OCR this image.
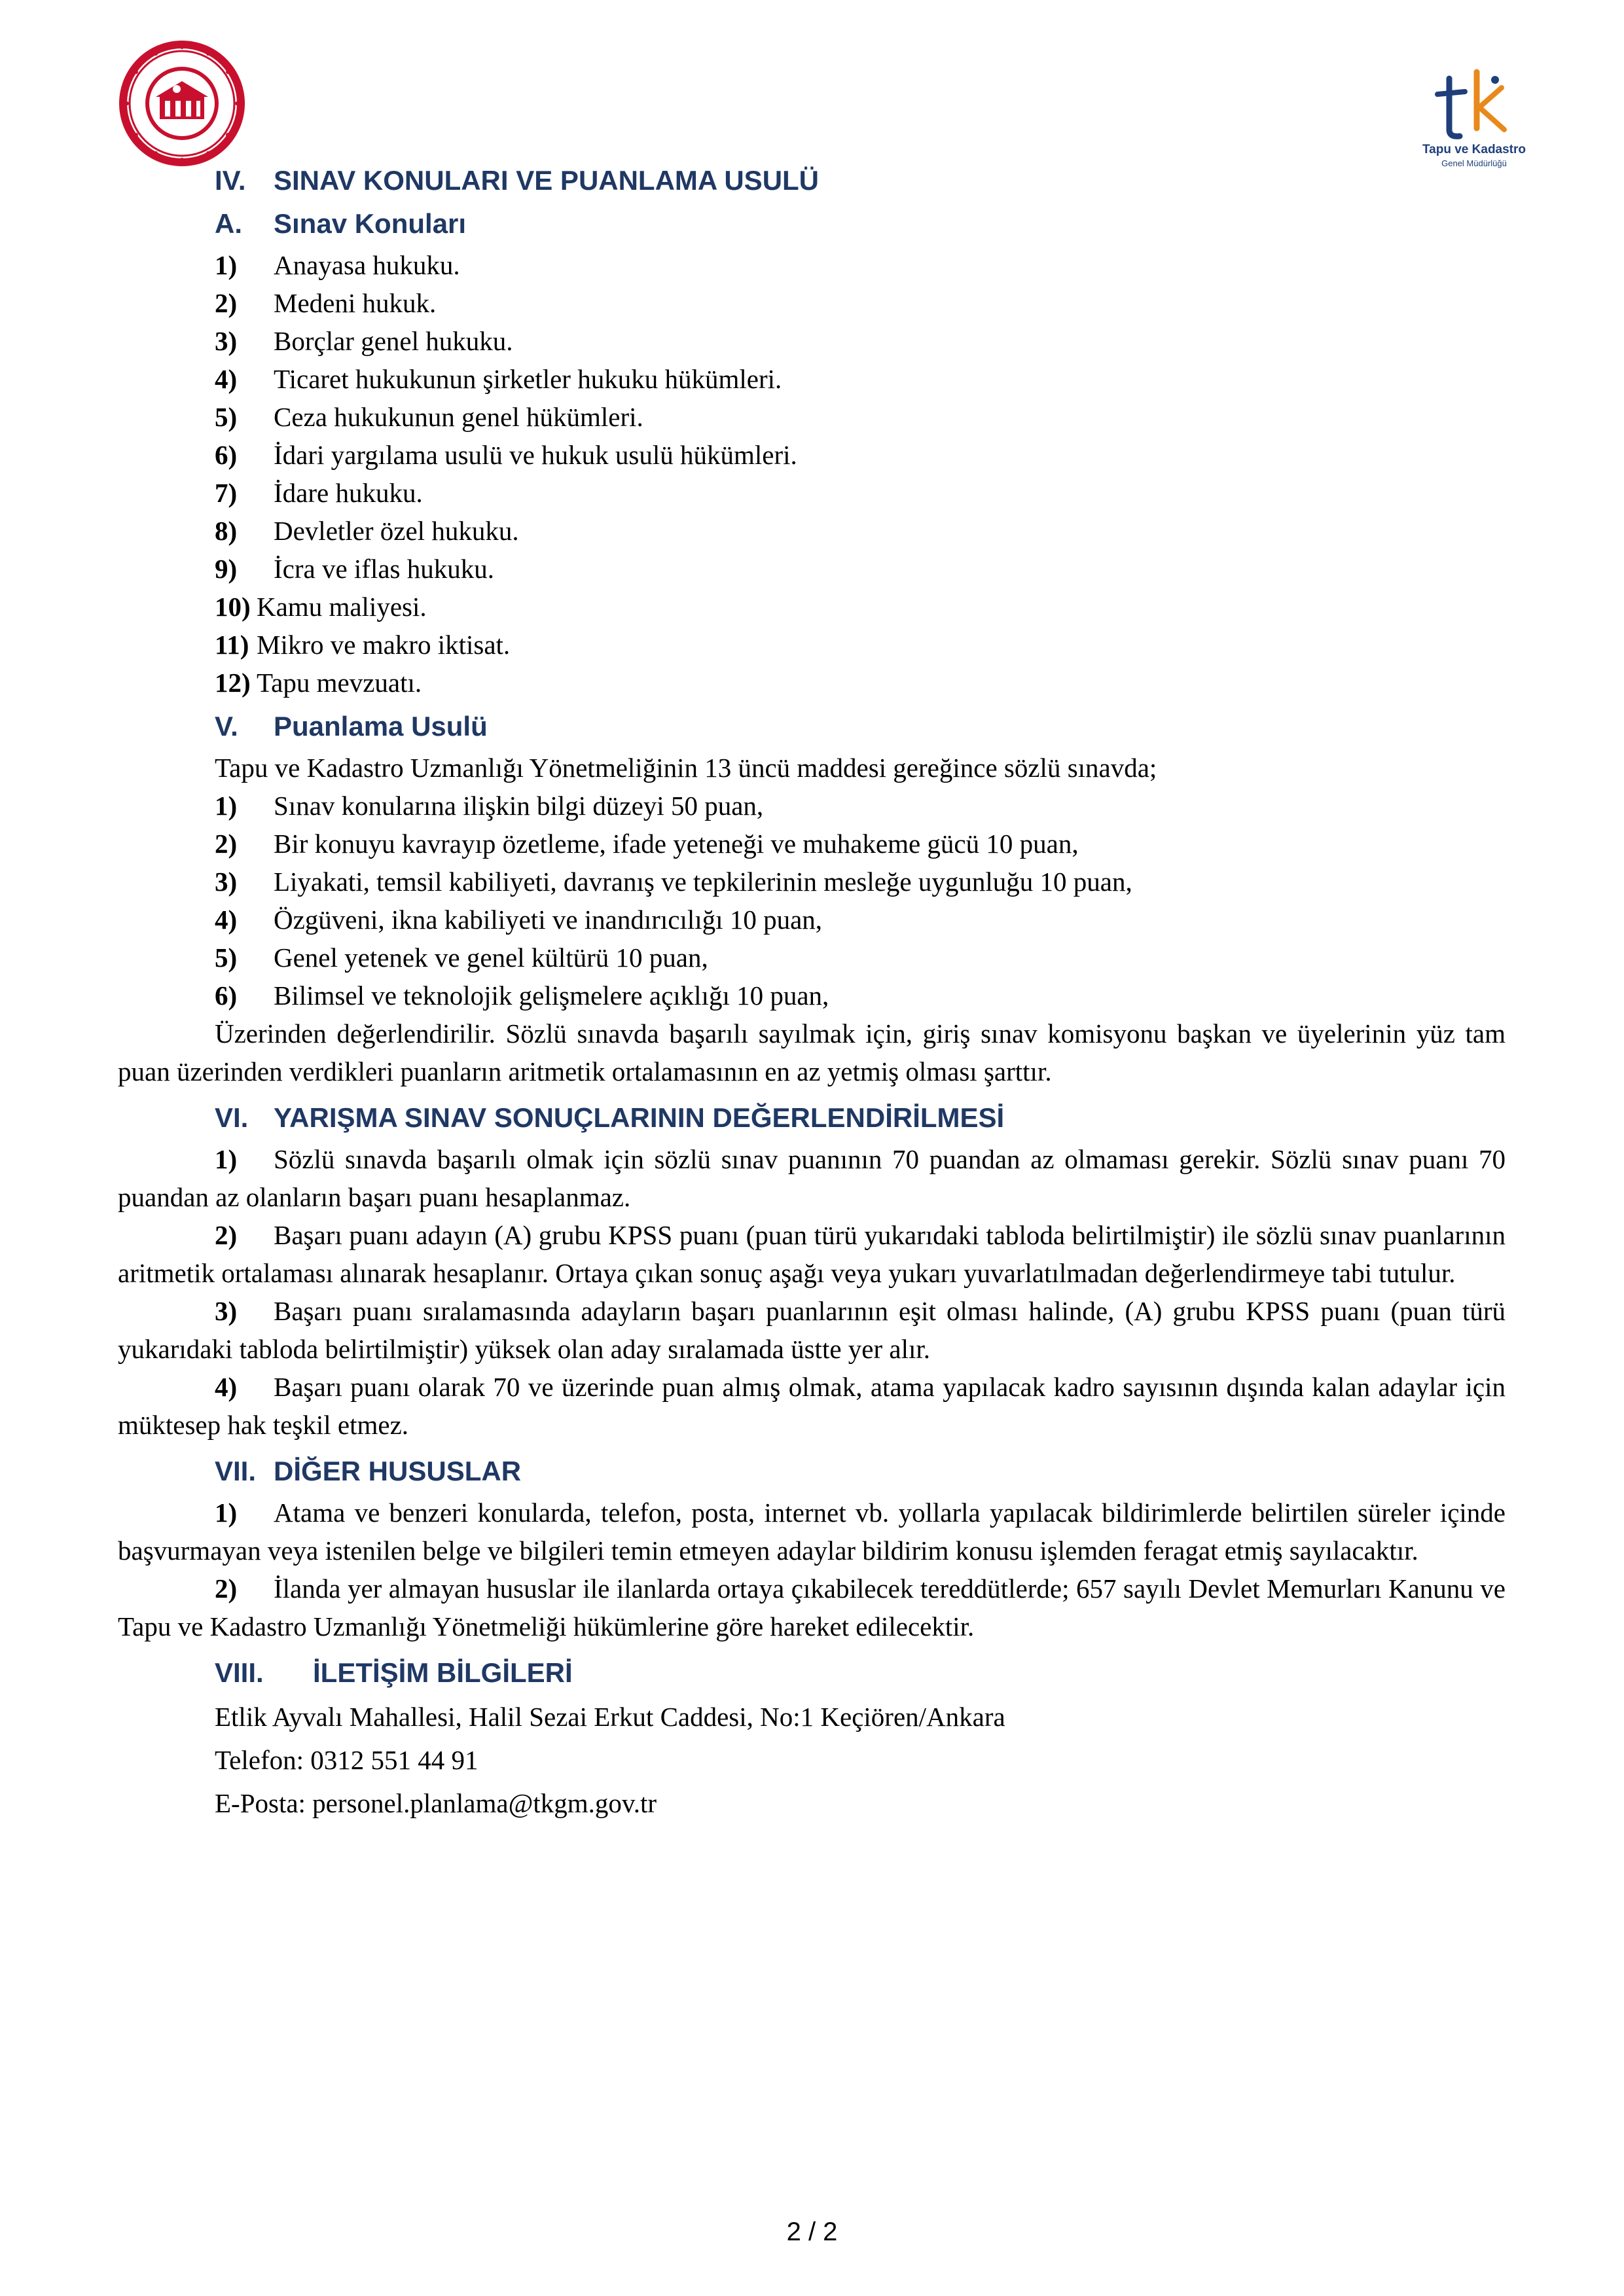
Tapu ve Kadastro
Genel Müdürlüğü
IV. SINAV KONULARI VE PUANLAMA USULÜ
A. Sınav Konuları
1) Anayasa hukuku.
2) Medeni hukuk.
3) Borçlar genel hukuku.
4) Ticaret hukukunun şirketler hukuku hükümleri.
5) Ceza hukukunun genel hükümleri.
6) İdari yargılama usulü ve hukuk usulü hükümleri.
7) İdare hukuku.
8) Devletler özel hukuku.
9) İcra ve iflas hukuku.
10) Kamu maliyesi.
11) Mikro ve makro iktisat.
12) Tapu mevzuatı.
V. Puanlama Usulü
Tapu ve Kadastro Uzmanlığı Yönetmeliğinin 13 üncü maddesi gereğince sözlü sınavda;
1) Sınav konularına ilişkin bilgi düzeyi 50 puan,
2) Bir konuyu kavrayıp özetleme, ifade yeteneği ve muhakeme gücü 10 puan,
3) Liyakati, temsil kabiliyeti, davranış ve tepkilerinin mesleğe uygunluğu 10 puan,
4) Özgüveni, ikna kabiliyeti ve inandırıcılığı 10 puan,
5) Genel yetenek ve genel kültürü 10 puan,
6) Bilimsel ve teknolojik gelişmelere açıklığı 10 puan,

Üzerinden değerlendirilir. Sözlü sınavda başarılı sayılmak için, giriş sınav komisyonu başkan ve üyelerinin yüz tam puan üzerinden verdikleri puanların aritmetik ortalamasının en az yetmiş olması şarttır.

VI. YARIŞMA SINAV SONUÇLARININ DEĞERLENDİRİLMESİ

1) Sözlü sınavda başarılı olmak için sözlü sınav puanının 70 puandan az olmaması gerekir. Sözlü sınav puanı 70 puandan az olanların başarı puanı hesaplanmaz.

2) Başarı puanı adayın (A) grubu KPSS puanı (puan türü yukarıdaki tabloda belirtilmiştir) ile sözlü sınav puanlarının aritmetik ortalaması alınarak hesaplanır. Ortaya çıkan sonuç aşağı veya yukarı yuvarlatılmadan değerlendirmeye tabi tutulur.

3) Başarı puanı sıralamasında adayların başarı puanlarının eşit olması halinde, (A) grubu KPSS puanı (puan türü yukarıdaki tabloda belirtilmiştir) yüksek olan aday sıralamada üstte yer alır.

4) Başarı puanı olarak 70 ve üzerinde puan almış olmak, atama yapılacak kadro sayısının dışında kalan adaylar için müktesep hak teşkil etmez.

VII. DİĞER HUSUSLAR

1) Atama ve benzeri konularda, telefon, posta, internet vb. yollarla yapılacak bildirimlerde belirtilen süreler içinde başvurmayan veya istenilen belge ve bilgileri temin etmeyen adaylar bildirim konusu işlemden feragat etmiş sayılacaktır.

2) İlanda yer almayan hususlar ile ilanlarda ortaya çıkabilecek tereddütlerde; 657 sayılı Devlet Memurları Kanunu ve Tapu ve Kadastro Uzmanlığı Yönetmeliği hükümlerine göre hareket edilecektir.

VIII. İLETİŞİM BİLGİLERİ
Etlik Ayvalı Mahallesi, Halil Sezai Erkut Caddesi, No:1 Keçiören/Ankara
Telefon: 0312 551 44 91
E-Posta: personel.planlama@tkgm.gov.tr
2 / 2
